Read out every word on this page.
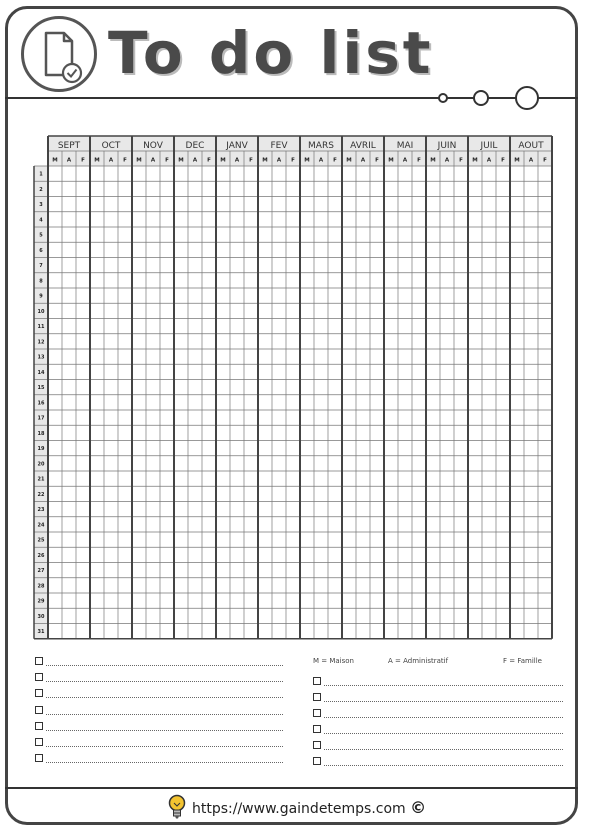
To do list
SEPT
M A F
OCT
M A F
NOV
M A F
DEC
M A F
JANV
M A F
FEV
M A F
MARS
M A F
AVRIL
M A F
MAI
M A F
JUIN
M A F
JUIL
M A F
AOUT
M A F
1
2
3
4
5
6
7
8
9
10
11
12
13
14
15
16
17
18
19
20
21
22
23
24
25
26
27
28
29
30
31
M = Maison	A = Administratif	F = Famille
https://www.gaindetemps.com ©
